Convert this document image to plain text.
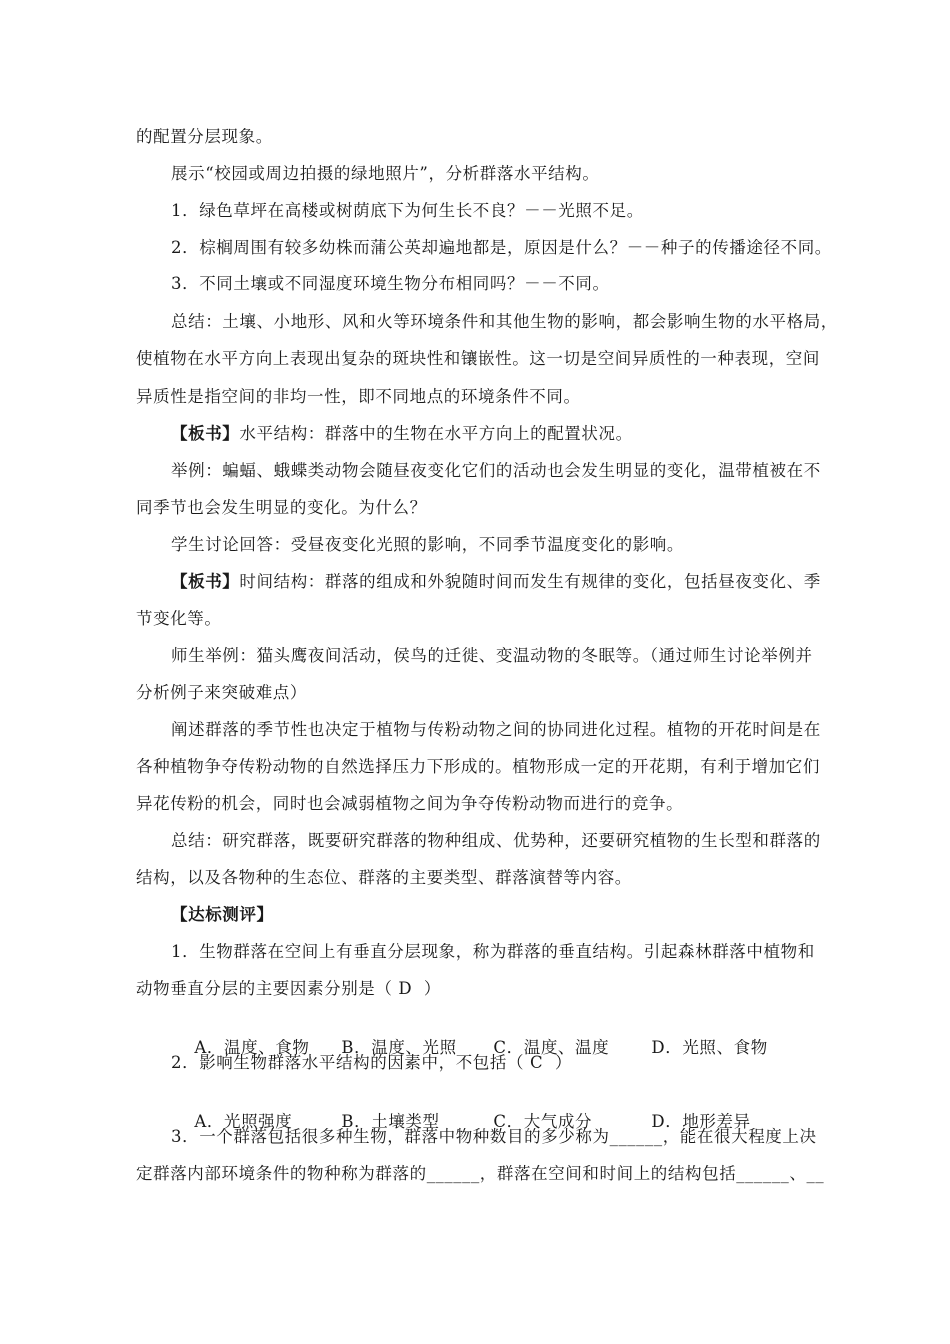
的配置分层现象。
展示“校园或周边拍摄的绿地照片”，分析群落水平结构。
1．绿色草坪在高楼或树荫底下为何生长不良？－－光照不足。
2．棕榈周围有较多幼株而蒲公英却遍地都是，原因是什么？－－种子的传播途径不同。
3．不同土壤或不同湿度环境生物分布相同吗？－－不同。
总结：土壤、小地形、风和火等环境条件和其他生物的影响，都会影响生物的水平格局，
使植物在水平方向上表现出复杂的斑块性和镶嵌性。这一切是空间异质性的一种表现，空间
异质性是指空间的非均一性，即不同地点的环境条件不同。
【板书】水平结构：群落中的生物在水平方向上的配置状况。
举例：蝙蝠、蛾蝶类动物会随昼夜变化它们的活动也会发生明显的变化，温带植被在不
同季节也会发生明显的变化。为什么？
学生讨论回答：受昼夜变化光照的影响，不同季节温度变化的影响。
【板书】时间结构：群落的组成和外貌随时间而发生有规律的变化，包括昼夜变化、季
节变化等。
师生举例：猫头鹰夜间活动，侯鸟的迁徙、变温动物的冬眠等。（通过师生讨论举例并
分析例子来突破难点）
阐述群落的季节性也决定于植物与传粉动物之间的协同进化过程。植物的开花时间是在
各种植物争夺传粉动物的自然选择压力下形成的。植物形成一定的开花期，有利于增加它们
异花传粉的机会，同时也会减弱植物之间为争夺传粉动物而进行的竞争。
总结：研究群落，既要研究群落的物种组成、优势种，还要研究植物的生长型和群落的
结构，以及各物种的生态位、群落的主要类型、群落演替等内容。
【达标测评】
1．生物群落在空间上有垂直分层现象，称为群落的垂直结构。引起森林群落中植物和
动物垂直分层的主要因素分别是（ D  ）

A．温度、食物 B．温度、光照 C．温度、温度	D．光照、食物

2．影响生物群落水平结构的因素中，不包括（ C  ）

A．光照强度	B．土壤类型	C．大气成分	D．地形差异

3．一个群落包括很多种生物，群落中物种数目的多少称为______，能在很大程度上决
定群落内部环境条件的物种称为群落的______，群落在空间和时间上的结构包括______、__
